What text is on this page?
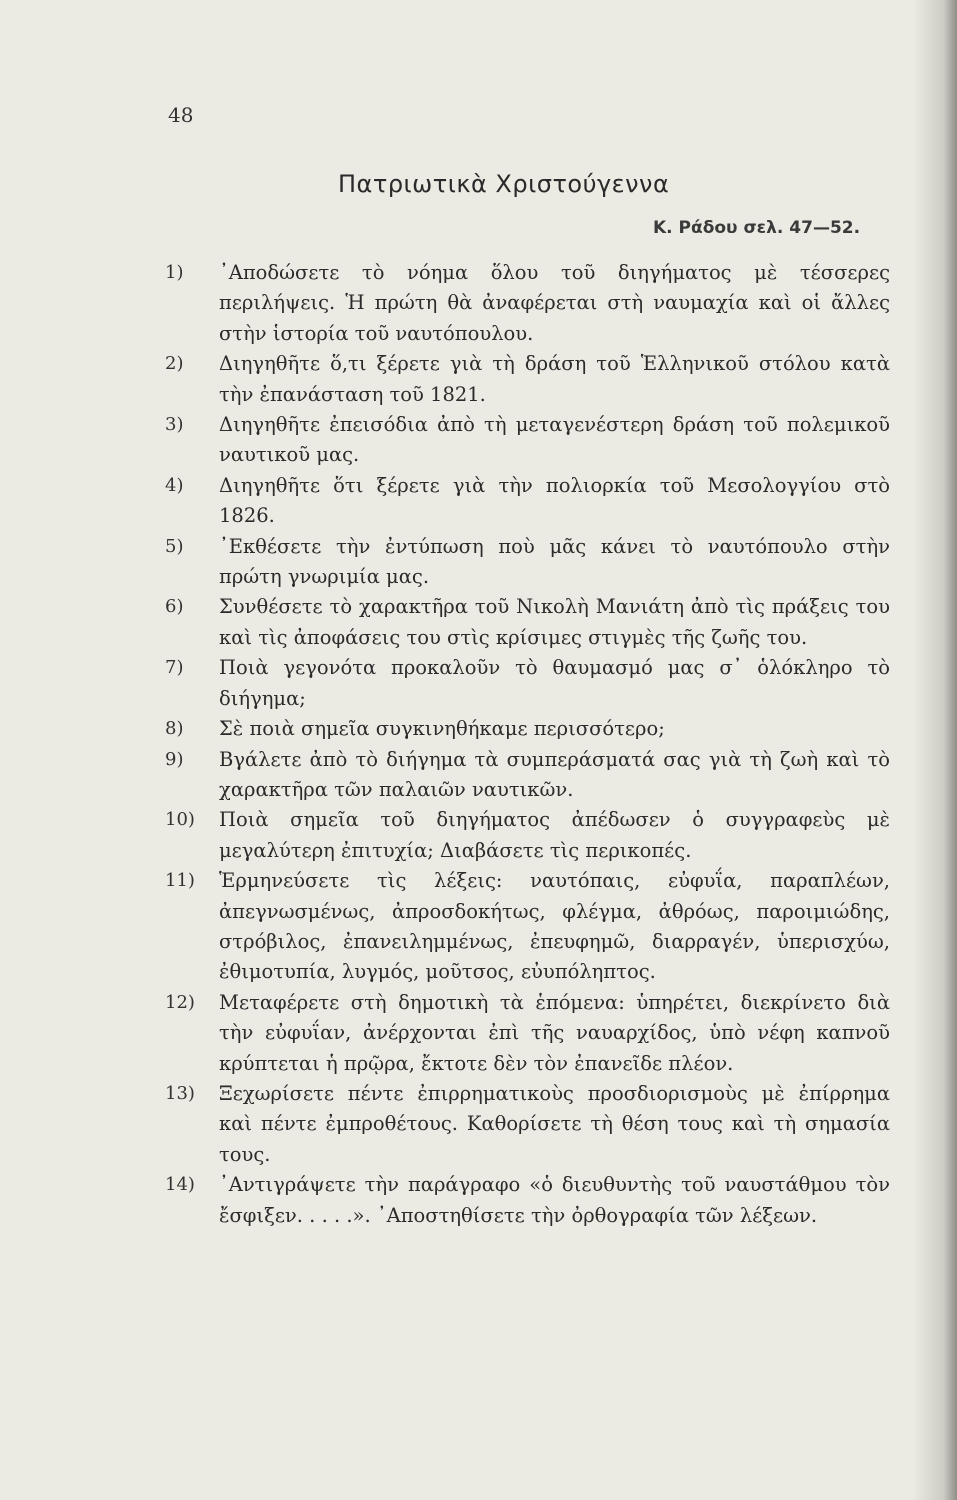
48
Πατριωτικὰ Χριστούγεννα
Κ. Ράδου σελ. 47—52.
1) ᾿Αποδώσετε τὸ νόημα ὅλου τοῦ διηγήματος μὲ τέσσερες περιλήψεις. Ἡ πρώτη θὰ ἀναφέρεται στὴ ναυμαχία καὶ οἱ ἄλλες στὴν ἱστορία τοῦ ναυτόπουλου.
2) Διηγηθῆτε ὅ,τι ξέρετε γιὰ τὴ δράση τοῦ Ἑλληνικοῦ στόλου κατὰ τὴν ἐπανάσταση τοῦ 1821.
3) Διηγηθῆτε ἐπεισόδια ἀπὸ τὴ μεταγενέστερη δράση τοῦ πολεμικοῦ ναυτικοῦ μας.
4) Διηγηθῆτε ὅτι ξέρετε γιὰ τὴν πολιορκία τοῦ Μεσολογγίου στὸ 1826.
5) ᾿Εκθέσετε τὴν ἐντύπωση ποὺ μᾶς κάνει τὸ ναυτόπουλο στὴν πρώτη γνωριμία μας.
6) Συνθέσετε τὸ χαρακτῆρα τοῦ Νικολὴ Μανιάτη ἀπὸ τὶς πράξεις του καὶ τὶς ἀποφάσεις του στὶς κρίσιμες στιγμὲς τῆς ζωῆς του.
7) Ποιὰ γεγονότα προκαλοῦν τὸ θαυμασμό μας σ᾿ ὁλόκληρο τὸ διήγημα;
8) Σὲ ποιὰ σημεῖα συγκινηθήκαμε περισσότερο;
9) Βγάλετε ἀπὸ τὸ διήγημα τὰ συμπεράσματά σας γιὰ τὴ ζωὴ καὶ τὸ χαρακτῆρα τῶν παλαιῶν ναυτικῶν.
10) Ποιὰ σημεῖα τοῦ διηγήματος ἀπέδωσεν ὁ συγγραφεὺς μὲ μεγαλύτερη ἐπιτυχία; Διαβάσετε τὶς περικοπές.
11) Ἑρμηνεύσετε τὶς λέξεις: ναυτόπαις, εὐφυΐα, παραπλέων, ἀπεγνωσμένως, ἀπροσδοκήτως, φλέγμα, ἀθρόως, παροιμιώδης, στρόβιλος, ἐπανειλημμένως, ἐπευφημῶ, διαρραγέν, ὑπερισχύω, ἐθιμοτυπία, λυγμός, μοῦτσος, εὐυπόληπτος.
12) Μεταφέρετε στὴ δημοτικὴ τὰ ἑπόμενα: ὑπηρέτει, διεκρίνετο διὰ τὴν εὐφυΐαν, ἀνέρχονται ἐπὶ τῆς ναυαρχίδος, ὑπὸ νέφη καπνοῦ κρύπτεται ἡ πρῷρα, ἔκτοτε δὲν τὸν ἐπανεῖδε πλέον.
13) Ξεχωρίσετε πέντε ἐπιρρηματικοὺς προσδιορισμοὺς μὲ ἐπίρρημα καὶ πέντε ἐμπροθέτους. Καθορίσετε τὴ θέση τους καὶ τὴ σημασία τους.
14) ᾿Αντιγράψετε τὴν παράγραφο «ὁ διευθυντὴς τοῦ ναυστάθμου τὸν ἔσφιξεν. . . . .». ᾿Αποστηθίσετε τὴν ὀρθογραφία τῶν λέξεων.
